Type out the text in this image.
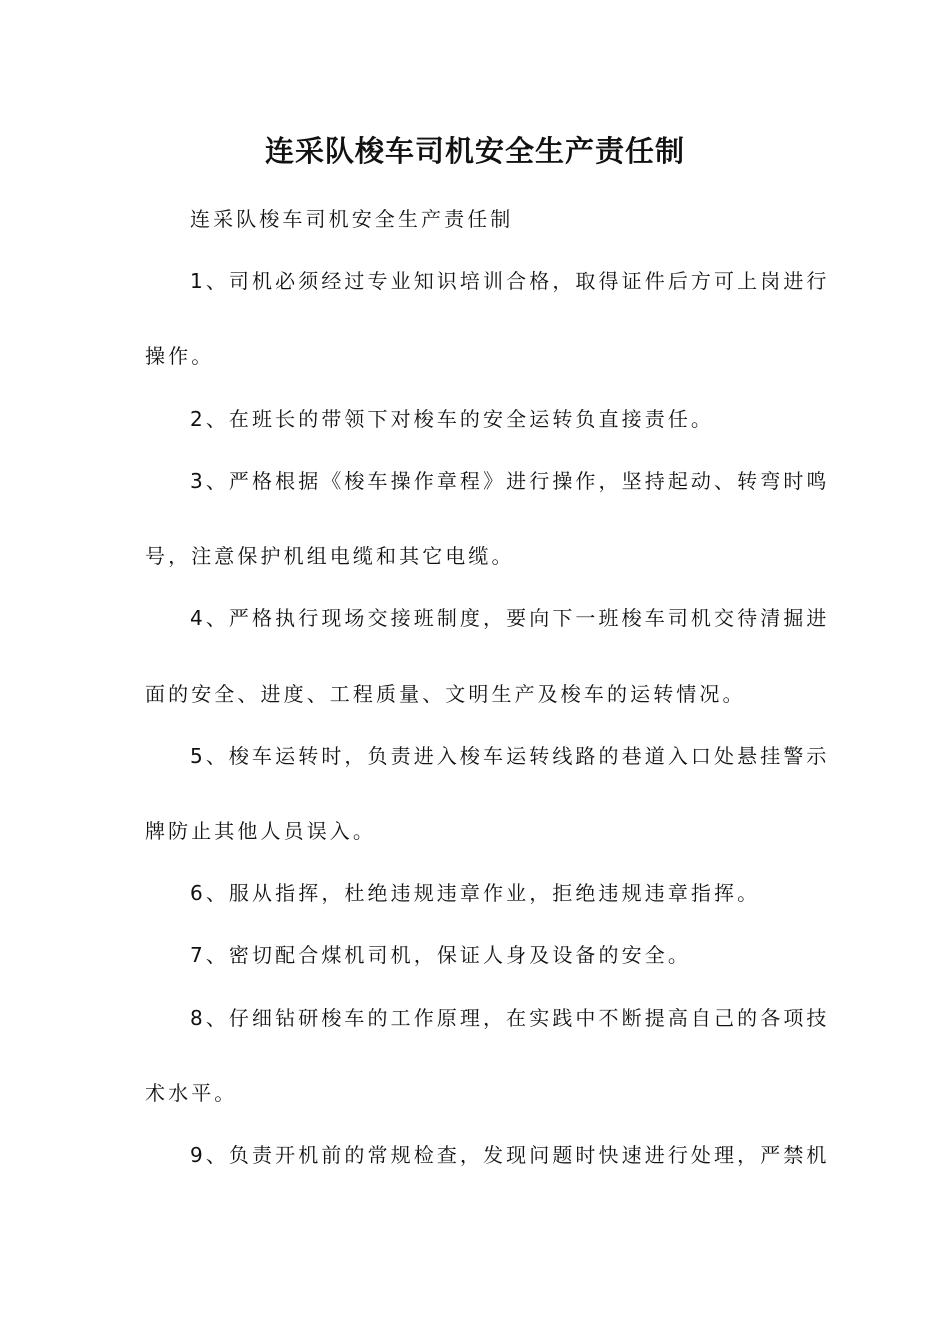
连采队梭车司机安全生产责任制
连采队梭车司机安全生产责任制
1、司机必须经过专业知识培训合格，取得证件后方可上岗进行
操作。
2、在班长的带领下对梭车的安全运转负直接责任。
3、严格根据《梭车操作章程》进行操作，坚持起动、转弯时鸣
号，注意保护机组电缆和其它电缆。
4、严格执行现场交接班制度，要向下一班梭车司机交待清掘进
面的安全、进度、工程质量、文明生产及梭车的运转情况。
5、梭车运转时，负责进入梭车运转线路的巷道入口处悬挂警示
牌防止其他人员误入。
6、服从指挥，杜绝违规违章作业，拒绝违规违章指挥。
7、密切配合煤机司机，保证人身及设备的安全。
8、仔细钻研梭车的工作原理，在实践中不断提高自己的各项技
术水平。
9、负责开机前的常规检查，发现问题时快速进行处理，严禁机
